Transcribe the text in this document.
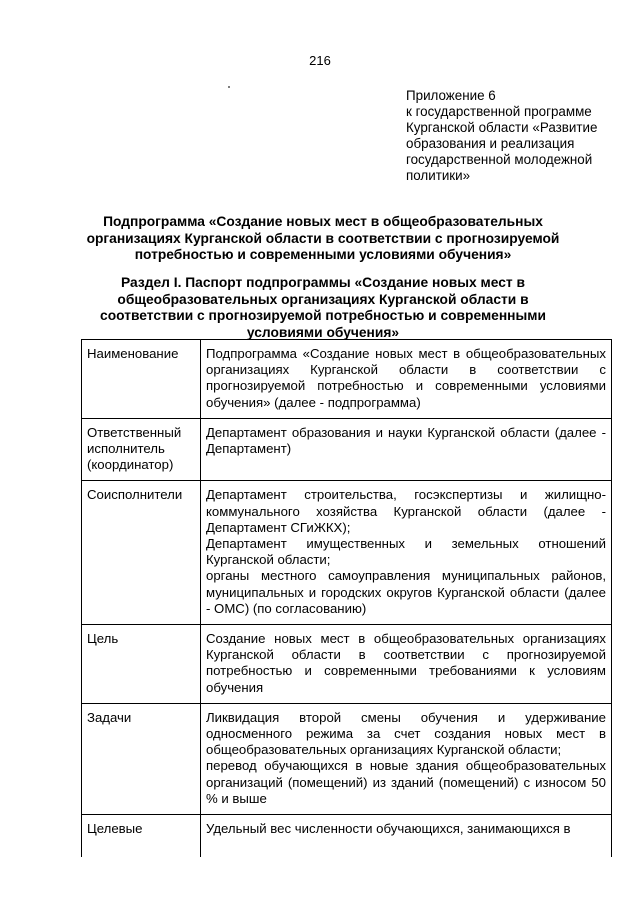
216
Приложение 6
к государственной программе
Курганской области «Развитие
образования и реализация
государственной молодежной
политики»
Подпрограмма «Создание новых мест в общеобразовательных организациях Курганской области в соответствии с прогнозируемой потребностью и современными условиями обучения»
Раздел I. Паспорт подпрограммы «Создание новых мест в общеобразовательных организациях Курганской области в соответствии с прогнозируемой потребностью и современными условиями обучения»
Наименование	Подпрограмма «Создание новых мест в общеобразовательных организациях Курганской области в соответствии с прогнозируемой потребностью и современными условиями обучения» (далее - подпрограмма)

Ответственный исполнитель (координатор)	Департамент образования и науки Курганской области (далее - Департамент)

Соисполнители	Департамент строительства, госэкспертизы и жилищно-коммунального хозяйства Курганской области (далее - Департамент СГиЖКХ);
Департамент имущественных и земельных отношений Курганской области;
органы местного самоуправления муниципальных районов, муниципальных и городских округов Курганской области (далее - ОМС) (по согласованию)

Цель	Создание новых мест в общеобразовательных организациях Курганской области в соответствии с прогнозируемой потребностью и современными требованиями к условиям обучения

Задачи	Ликвидация второй смены обучения и удерживание односменного режима за счет создания новых мест в общеобразовательных организациях Курганской области;
перевод обучающихся в новые здания общеобразовательных организаций (помещений) из зданий (помещений) с износом 50 % и выше

Целевые	Удельный вес численности обучающихся, занимающихся в
